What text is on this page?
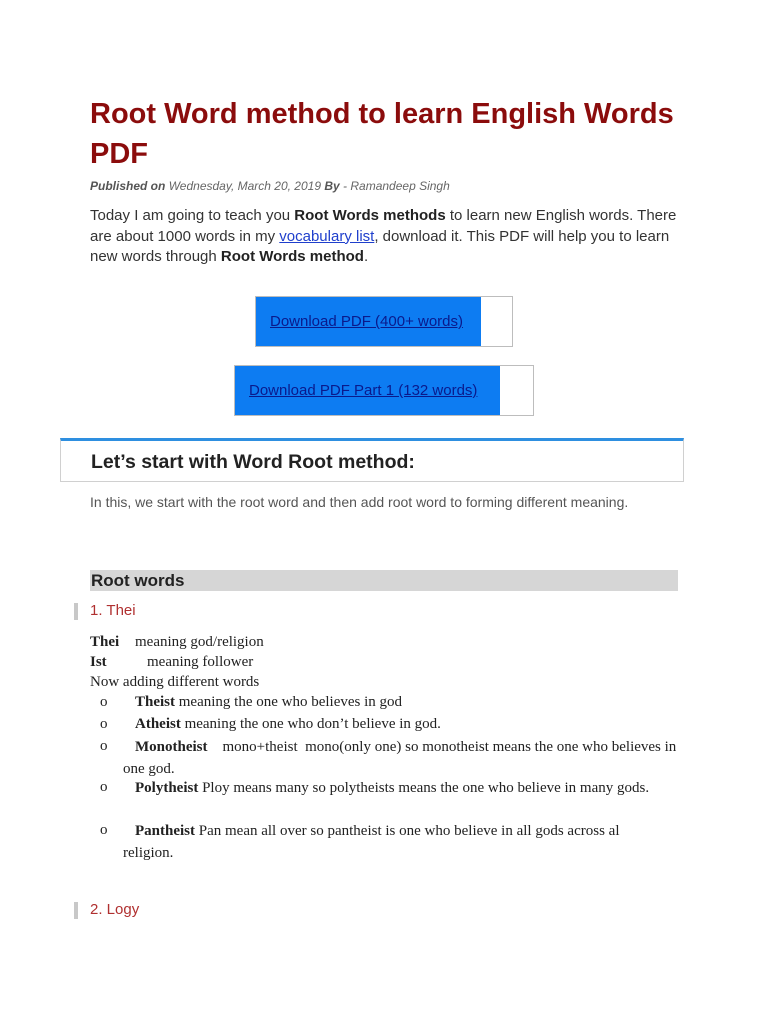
Root Word method to learn English Words PDF
Published on Wednesday, March 20, 2019 By - Ramandeep Singh

Today I am going to teach you Root Words methods to learn new English words. There are about 1000 words in my vocabulary list, download it. This PDF will help you to learn new words through Root Words method.

Download PDF (400+ words)
Download PDF Part 1 (132 words)
Let’s start with Word Root method:

In this, we start with the root word and then add root word to forming different meaning.

Root words
1. Thei
Thei meaning god/religion
Ist	meaning follower
Now adding different words
o	Theist meaning the one who believes in god
o	Atheist meaning the one who don’t believe in god.
o	Monotheist    mono+theist  mono(only one) so monotheist means the one who believes in one god.
o	Polytheist Ploy means many so polytheists means the one who believe in many gods.
o	Pantheist Pan mean all over so pantheist is one who believe in all gods across al religion.
2. Logy
